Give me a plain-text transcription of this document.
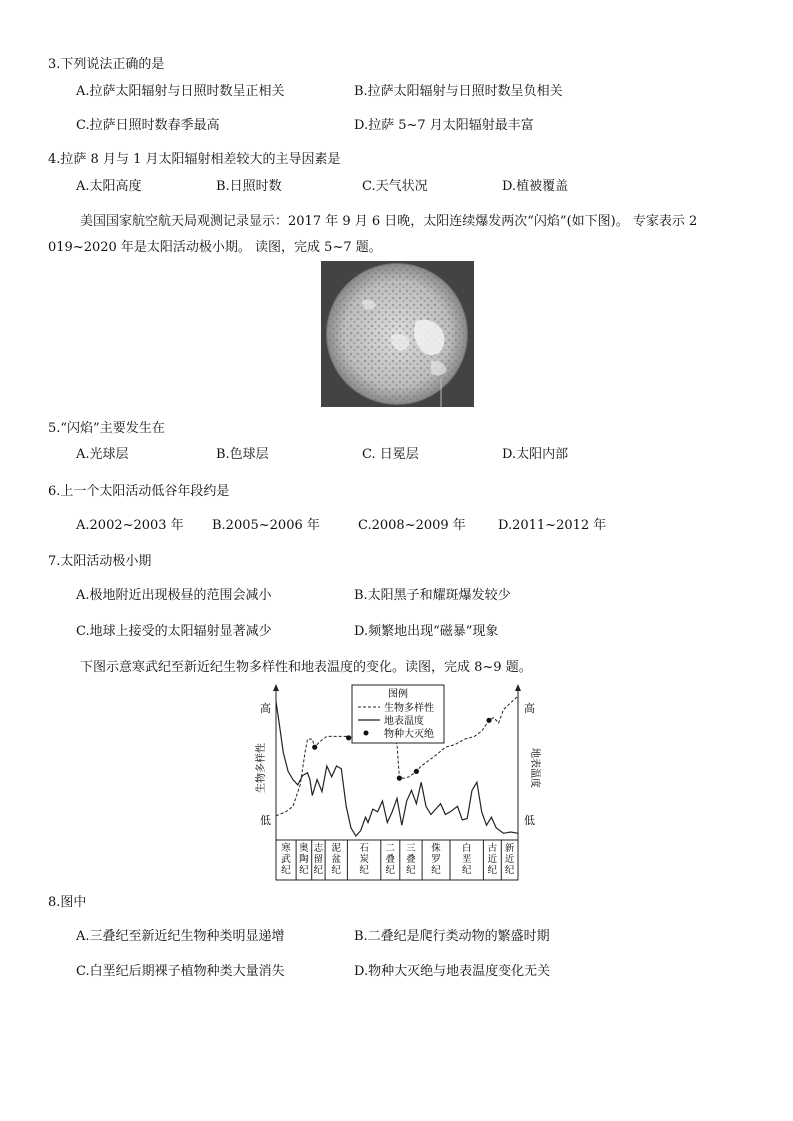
3.下列说法正确的是
A.拉萨太阳辐射与日照时数呈正相关	B.拉萨太阳辐射与日照时数呈负相关
C.拉萨日照时数春季最高	D.拉萨 5~7 月太阳辐射最丰富
4.拉萨 8 月与 1 月太阳辐射相差较大的主导因素是
A.太阳高度	B.日照时数	C.天气状况	D.植被覆盖
美国国家航空航天局观测记录显示：2017 年 9 月 6 日晚，太阳连续爆发两次“闪焰”(如下图)。 专家表示 2
019~2020 年是太阳活动极小期。 读图，完成 5~7 题。
5.“闪焰”主要发生在
A.光球层	B.色球层	C. 日冕层	D.太阳内部
6.上一个太阳活动低谷年段约是
A.2002~2003 年 B.2005~2006 年	C.2008~2009 年 D.2011~2012 年
7.太阳活动极小期
A.极地附近出现极昼的范围会减小	B.太阳黑子和耀斑爆发较少
C.地球上接受的太阳辐射显著减少	D.频繁地出现“磁暴”现象
下图示意寒武纪至新近纪生物多样性和地表温度的变化。读图，完成 8~9 题。
高
低
高
低
生物多样性	地表温度
寒
武
纪
奥
陶
纪
志
留
纪
泥
盆
纪
石
炭
纪
二
叠
纪
三
叠
纪
侏
罗
纪
白
垩
纪
古
近
纪
新
近
纪
图例
生物多样性
地表温度
物种大灭绝
8.图中
A.三叠纪至新近纪生物种类明显递增	B.二叠纪是爬行类动物的繁盛时期
C.白垩纪后期裸子植物种类大量消失	D.物种大灭绝与地表温度变化无关
